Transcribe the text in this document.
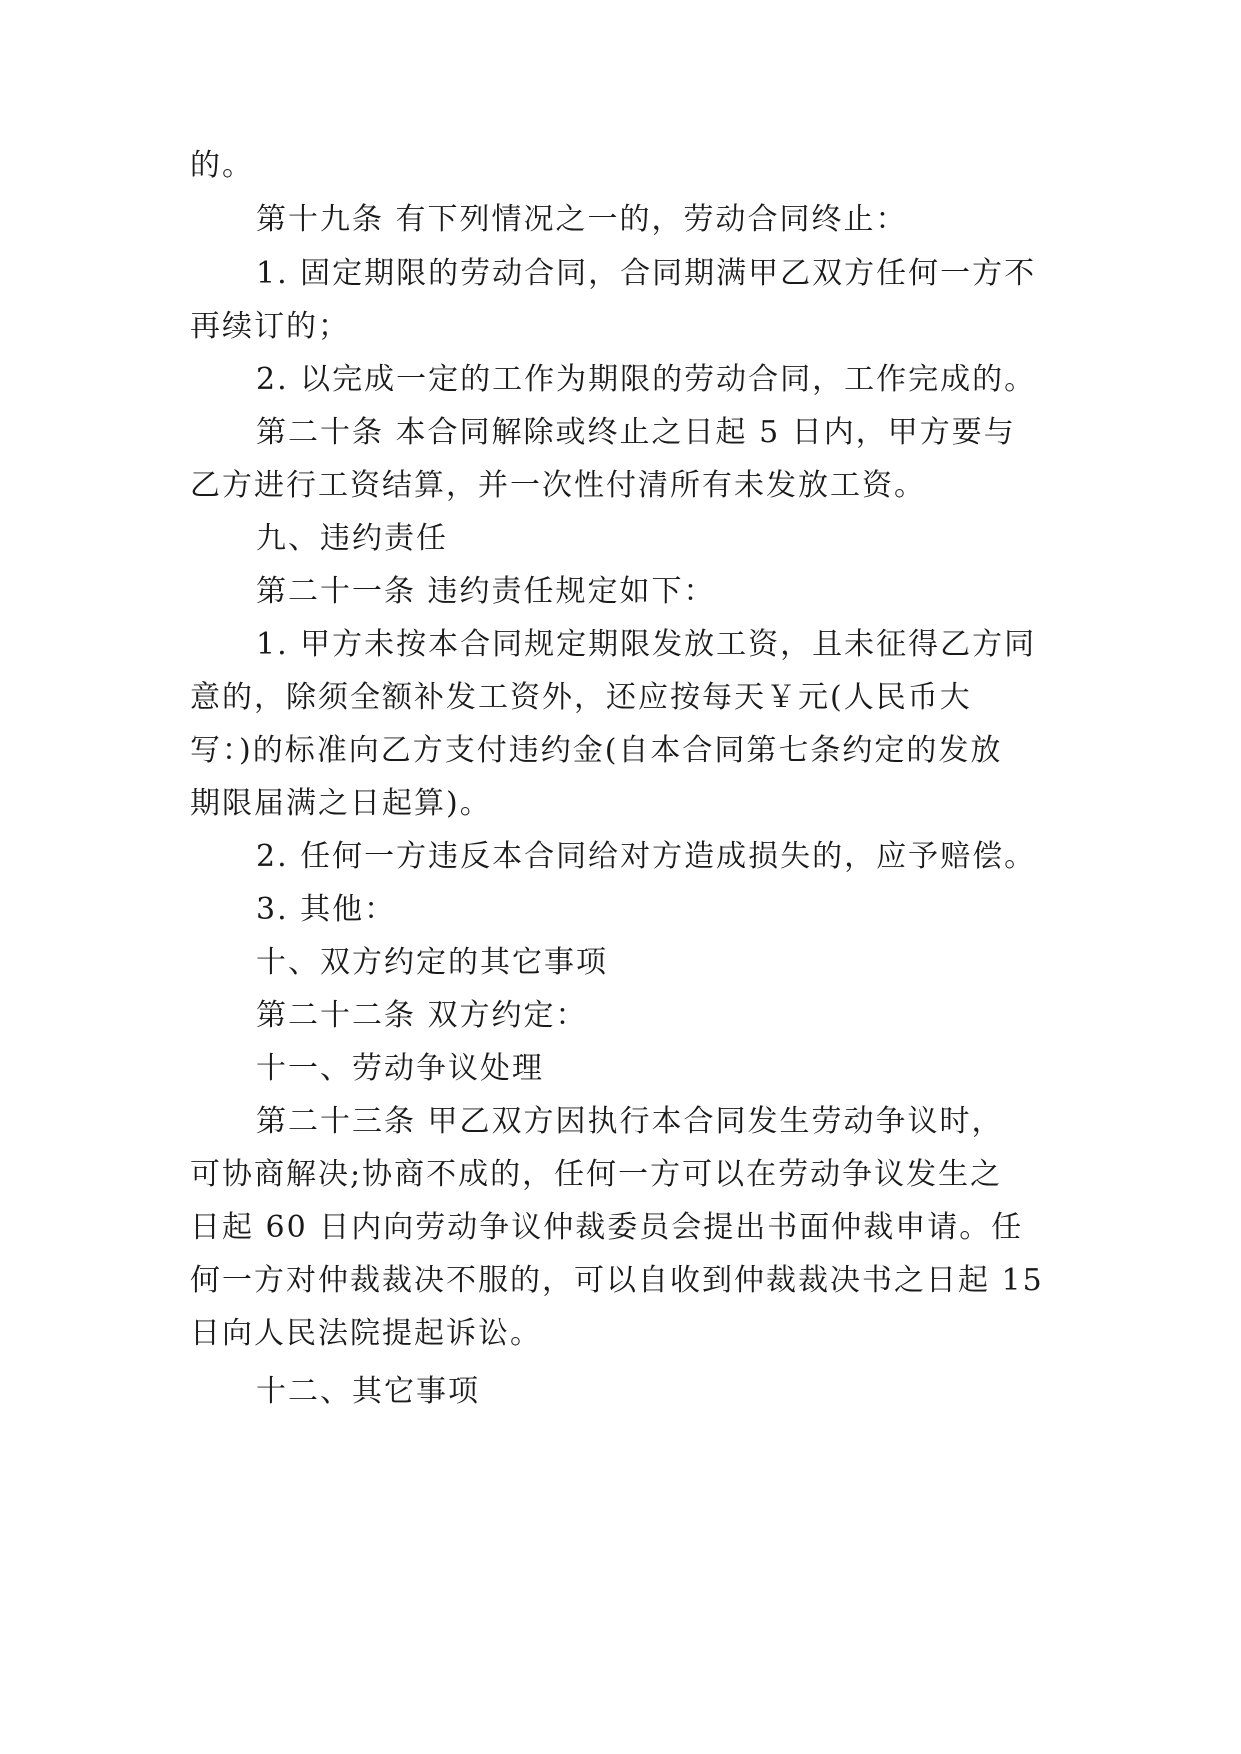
的。
第十九条 有下列情况之一的，劳动合同终止：
1. 固定期限的劳动合同，合同期满甲乙双方任何一方不
再续订的；
2. 以完成一定的工作为期限的劳动合同，工作完成的。
第二十条 本合同解除或终止之日起 5 日内，甲方要与
乙方进行工资结算，并一次性付清所有未发放工资。
九、违约责任
第二十一条 违约责任规定如下：
1. 甲方未按本合同规定期限发放工资，且未征得乙方同
意的，除须全额补发工资外，还应按每天￥元(人民币大
写：)的标准向乙方支付违约金(自本合同第七条约定的发放
期限届满之日起算)。
2. 任何一方违反本合同给对方造成损失的，应予赔偿。
3. 其他：
十、双方约定的其它事项
第二十二条 双方约定：
十一、劳动争议处理
第二十三条 甲乙双方因执行本合同发生劳动争议时，
可协商解决;协商不成的，任何一方可以在劳动争议发生之
日起 60 日内向劳动争议仲裁委员会提出书面仲裁申请。任
何一方对仲裁裁决不服的，可以自收到仲裁裁决书之日起 15
日向人民法院提起诉讼。
十二、其它事项
